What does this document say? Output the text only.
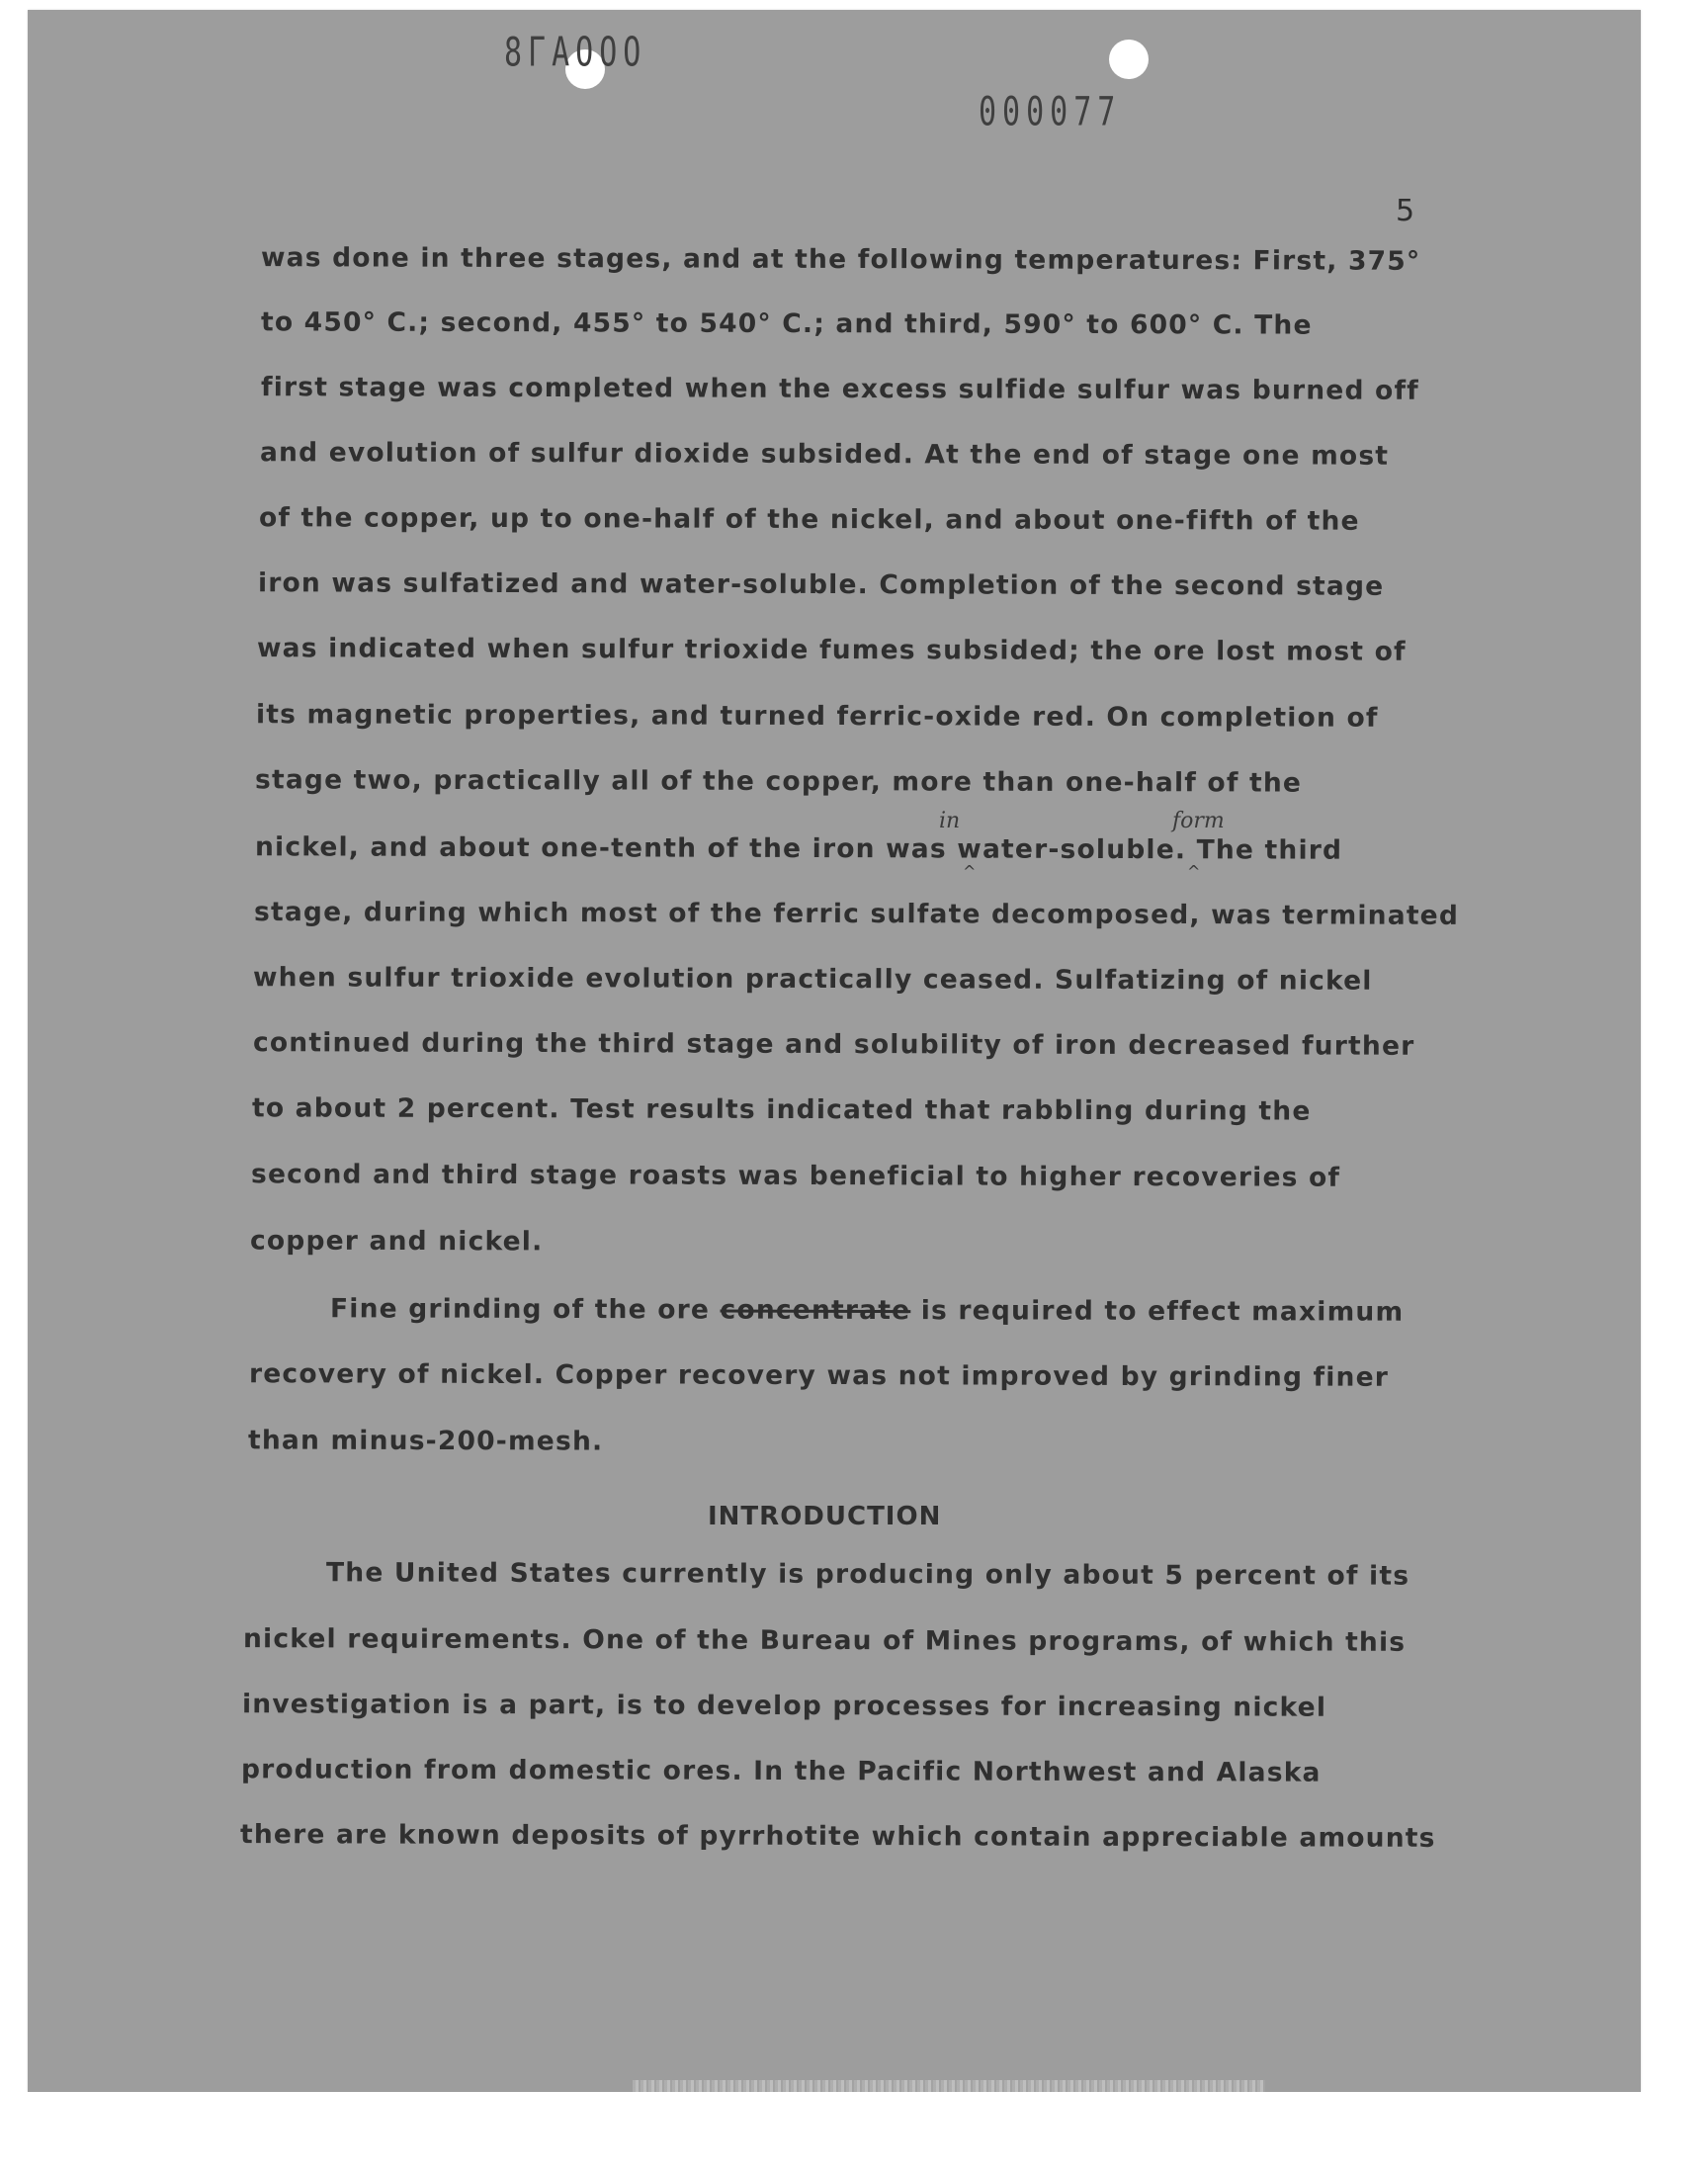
8ΓΑΟΟΟ
000077
5
was done in three stages, and at the following temperatures: First, 375°
to 450° C.; second, 455° to 540° C.; and third, 590° to 600° C. The
first stage was completed when the excess sulfide sulfur was burned off
and evolution of sulfur dioxide subsided. At the end of stage one most
of the copper, up to one-half of the nickel, and about one-fifth of the
iron was sulfatized and water-soluble. Completion of the second stage
was indicated when sulfur trioxide fumes subsided; the ore lost most of
its magnetic properties, and turned ferric-oxide red. On completion of
stage two, practically all of the copper, more than one-half of the
in	form
^	^
nickel, and about one-tenth of the iron was water-soluble. The third
stage, during which most of the ferric sulfate decomposed, was terminated
when sulfur trioxide evolution practically ceased. Sulfatizing of nickel
continued during the third stage and solubility of iron decreased further
to about 2 percent. Test results indicated that rabbling during the
second and third stage roasts was beneficial to higher recoveries of
copper and nickel.
Fine grinding of the ore concentrate is required to effect maximum
recovery of nickel. Copper recovery was not improved by grinding finer
than minus-200-mesh.
INTRODUCTION
The United States currently is producing only about 5 percent of its
nickel requirements. One of the Bureau of Mines programs, of which this
investigation is a part, is to develop processes for increasing nickel
production from domestic ores. In the Pacific Northwest and Alaska
there are known deposits of pyrrhotite which contain appreciable amounts
